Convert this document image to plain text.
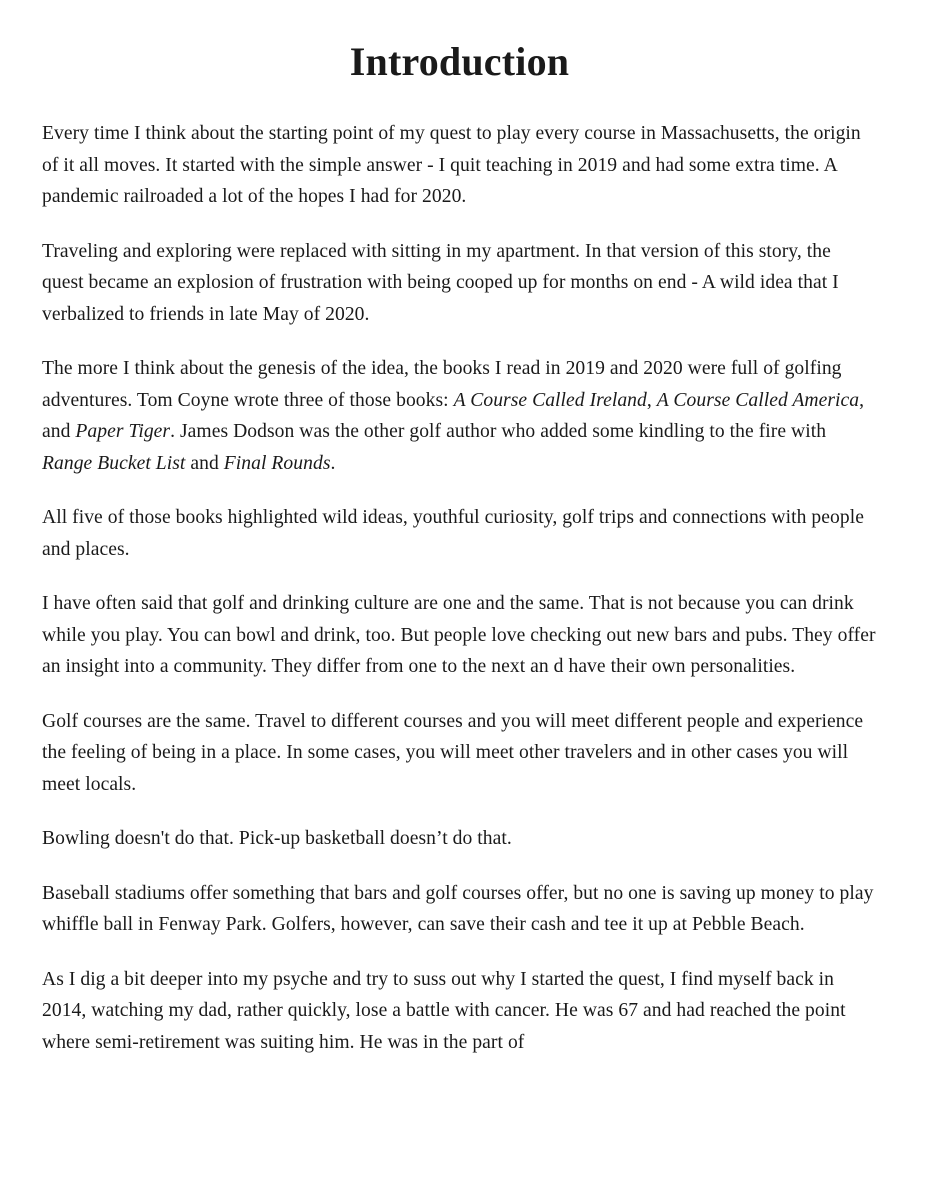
Introduction

Every time I think about the starting point of my quest to play every course in Massachusetts, the origin of it all moves. It started with the simple answer - I quit teaching in 2019 and had some extra time. A pandemic railroaded a lot of the hopes I had for 2020.

Traveling and exploring were replaced with sitting in my apartment. In that version of this story, the quest became an explosion of frustration with being cooped up for months on end - A wild idea that I verbalized to friends in late May of 2020.

The more I think about the genesis of the idea, the books I read in 2019 and 2020 were full of golfing adventures. Tom Coyne wrote three of those books: A Course Called Ireland, A Course Called America, and Paper Tiger. James Dodson was the other golf author who added some kindling to the fire with Range Bucket List and Final Rounds.

All five of those books highlighted wild ideas, youthful curiosity, golf trips and connections with people and places.

I have often said that golf and drinking culture are one and the same. That is not because you can drink while you play. You can bowl and drink, too. But people love checking out new bars and pubs. They offer an insight into a community. They differ from one to the next an d have their own personalities.

Golf courses are the same. Travel to different courses and you will meet different people and experience the feeling of being in a place. In some cases, you will meet other travelers and in other cases you will meet locals.

Bowling doesn't do that. Pick-up basketball doesn’t do that.

Baseball stadiums offer something that bars and golf courses offer, but no one is saving up money to play whiffle ball in Fenway Park. Golfers, however, can save their cash and tee it up at Pebble Beach.

As I dig a bit deeper into my psyche and try to suss out why I started the quest, I find myself back in 2014, watching my dad, rather quickly, lose a battle with cancer. He was 67 and had reached the point where semi-retirement was suiting him. He was in the part of
